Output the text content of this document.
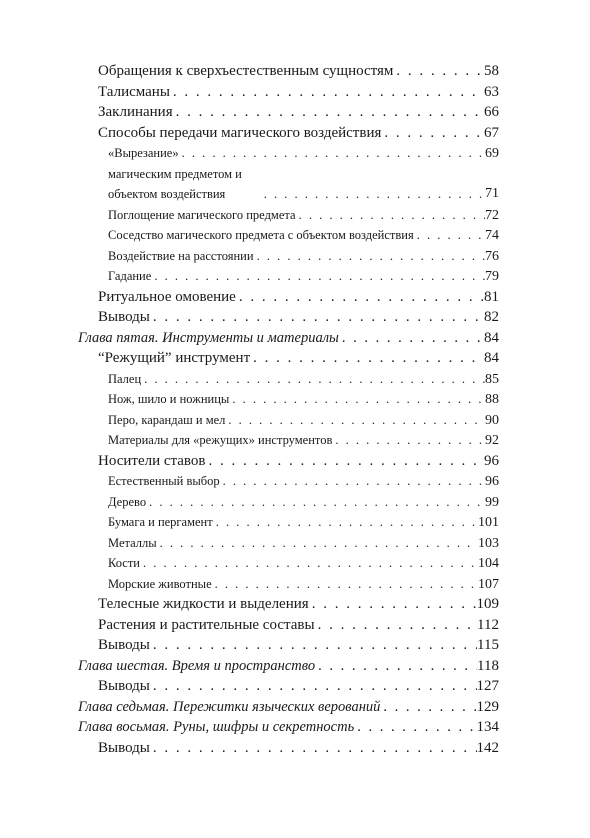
Обращения к сверхъестественным сущностям . . .	58
Талисманы . . .	63
Заклинания . . .	66
Способы передачи магического воздействия . . .	67
«Вырезание» . . .	69
магическим предметом и объектом воздействия . . .	71
Поглощение магического предмета . . .	72
Соседство магического предмета с объектом воздействия . . .	74
Воздействие на расстоянии . . .	76
Гадание . . .	79
Ритуальное омовение . . .	81
Выводы . . .	82
Глава пятая. Инструменты и материалы . . .	84
“Режущий” инструмент . . .	84
Палец . . .	85
Нож, шило и ножницы . . .	88
Перо, карандаш и мел . . .	90
Материалы для «режущих» инструментов . . .	92
Носители ставов . . .	96
Естественный выбор . . .	96
Дерево . . .	99
Бумага и пергамент . . .	101
Металлы . . .	103
Кости . . .	104
Морские животные . . .	107
Телесные жидкости и выделения . . .	109
Растения и растительные составы . . .	112
Выводы . . .	115
Глава шестая. Время и пространство . . .	118
Выводы . . .	127
Глава седьмая. Пережитки языческих верований . . .	129
Глава восьмая. Руны, шифры и секретность . . .	134
Выводы . . .	142
